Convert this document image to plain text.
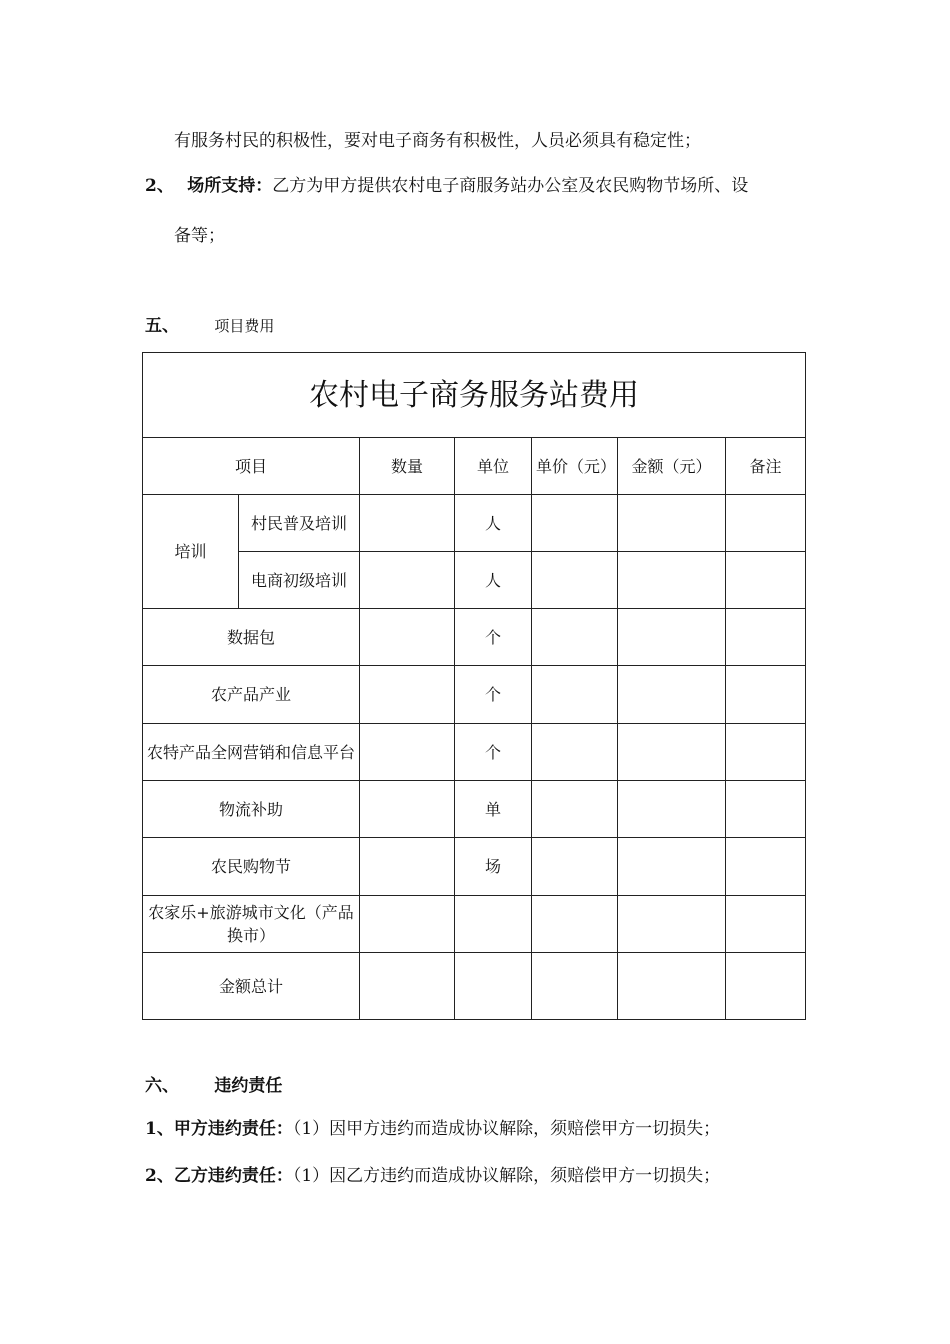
有服务村民的积极性，要对电子商务有积极性，人员必须具有稳定性；
2、 场所支持：乙方为甲方提供农村电子商服务站办公室及农民购物节场所、设
备等；
五、 项目费用
农村电子商务服务站费用						
项目		数量	单位	单价（元）	金额（元）	备注
培训	村民普及培训		人			
	电商初级培训		人			
数据包			个			
农产品产业			个			
农特产品全网营销和信息平台			个			
物流补助			单			
农民购物节			场			
农家乐+旅游城市文化（产品换市）						
金额总计						
六、 违约责任
1、甲方违约责任：（1）因甲方违约而造成协议解除，须赔偿甲方一切损失；
2、乙方违约责任：（1）因乙方违约而造成协议解除，须赔偿甲方一切损失；
